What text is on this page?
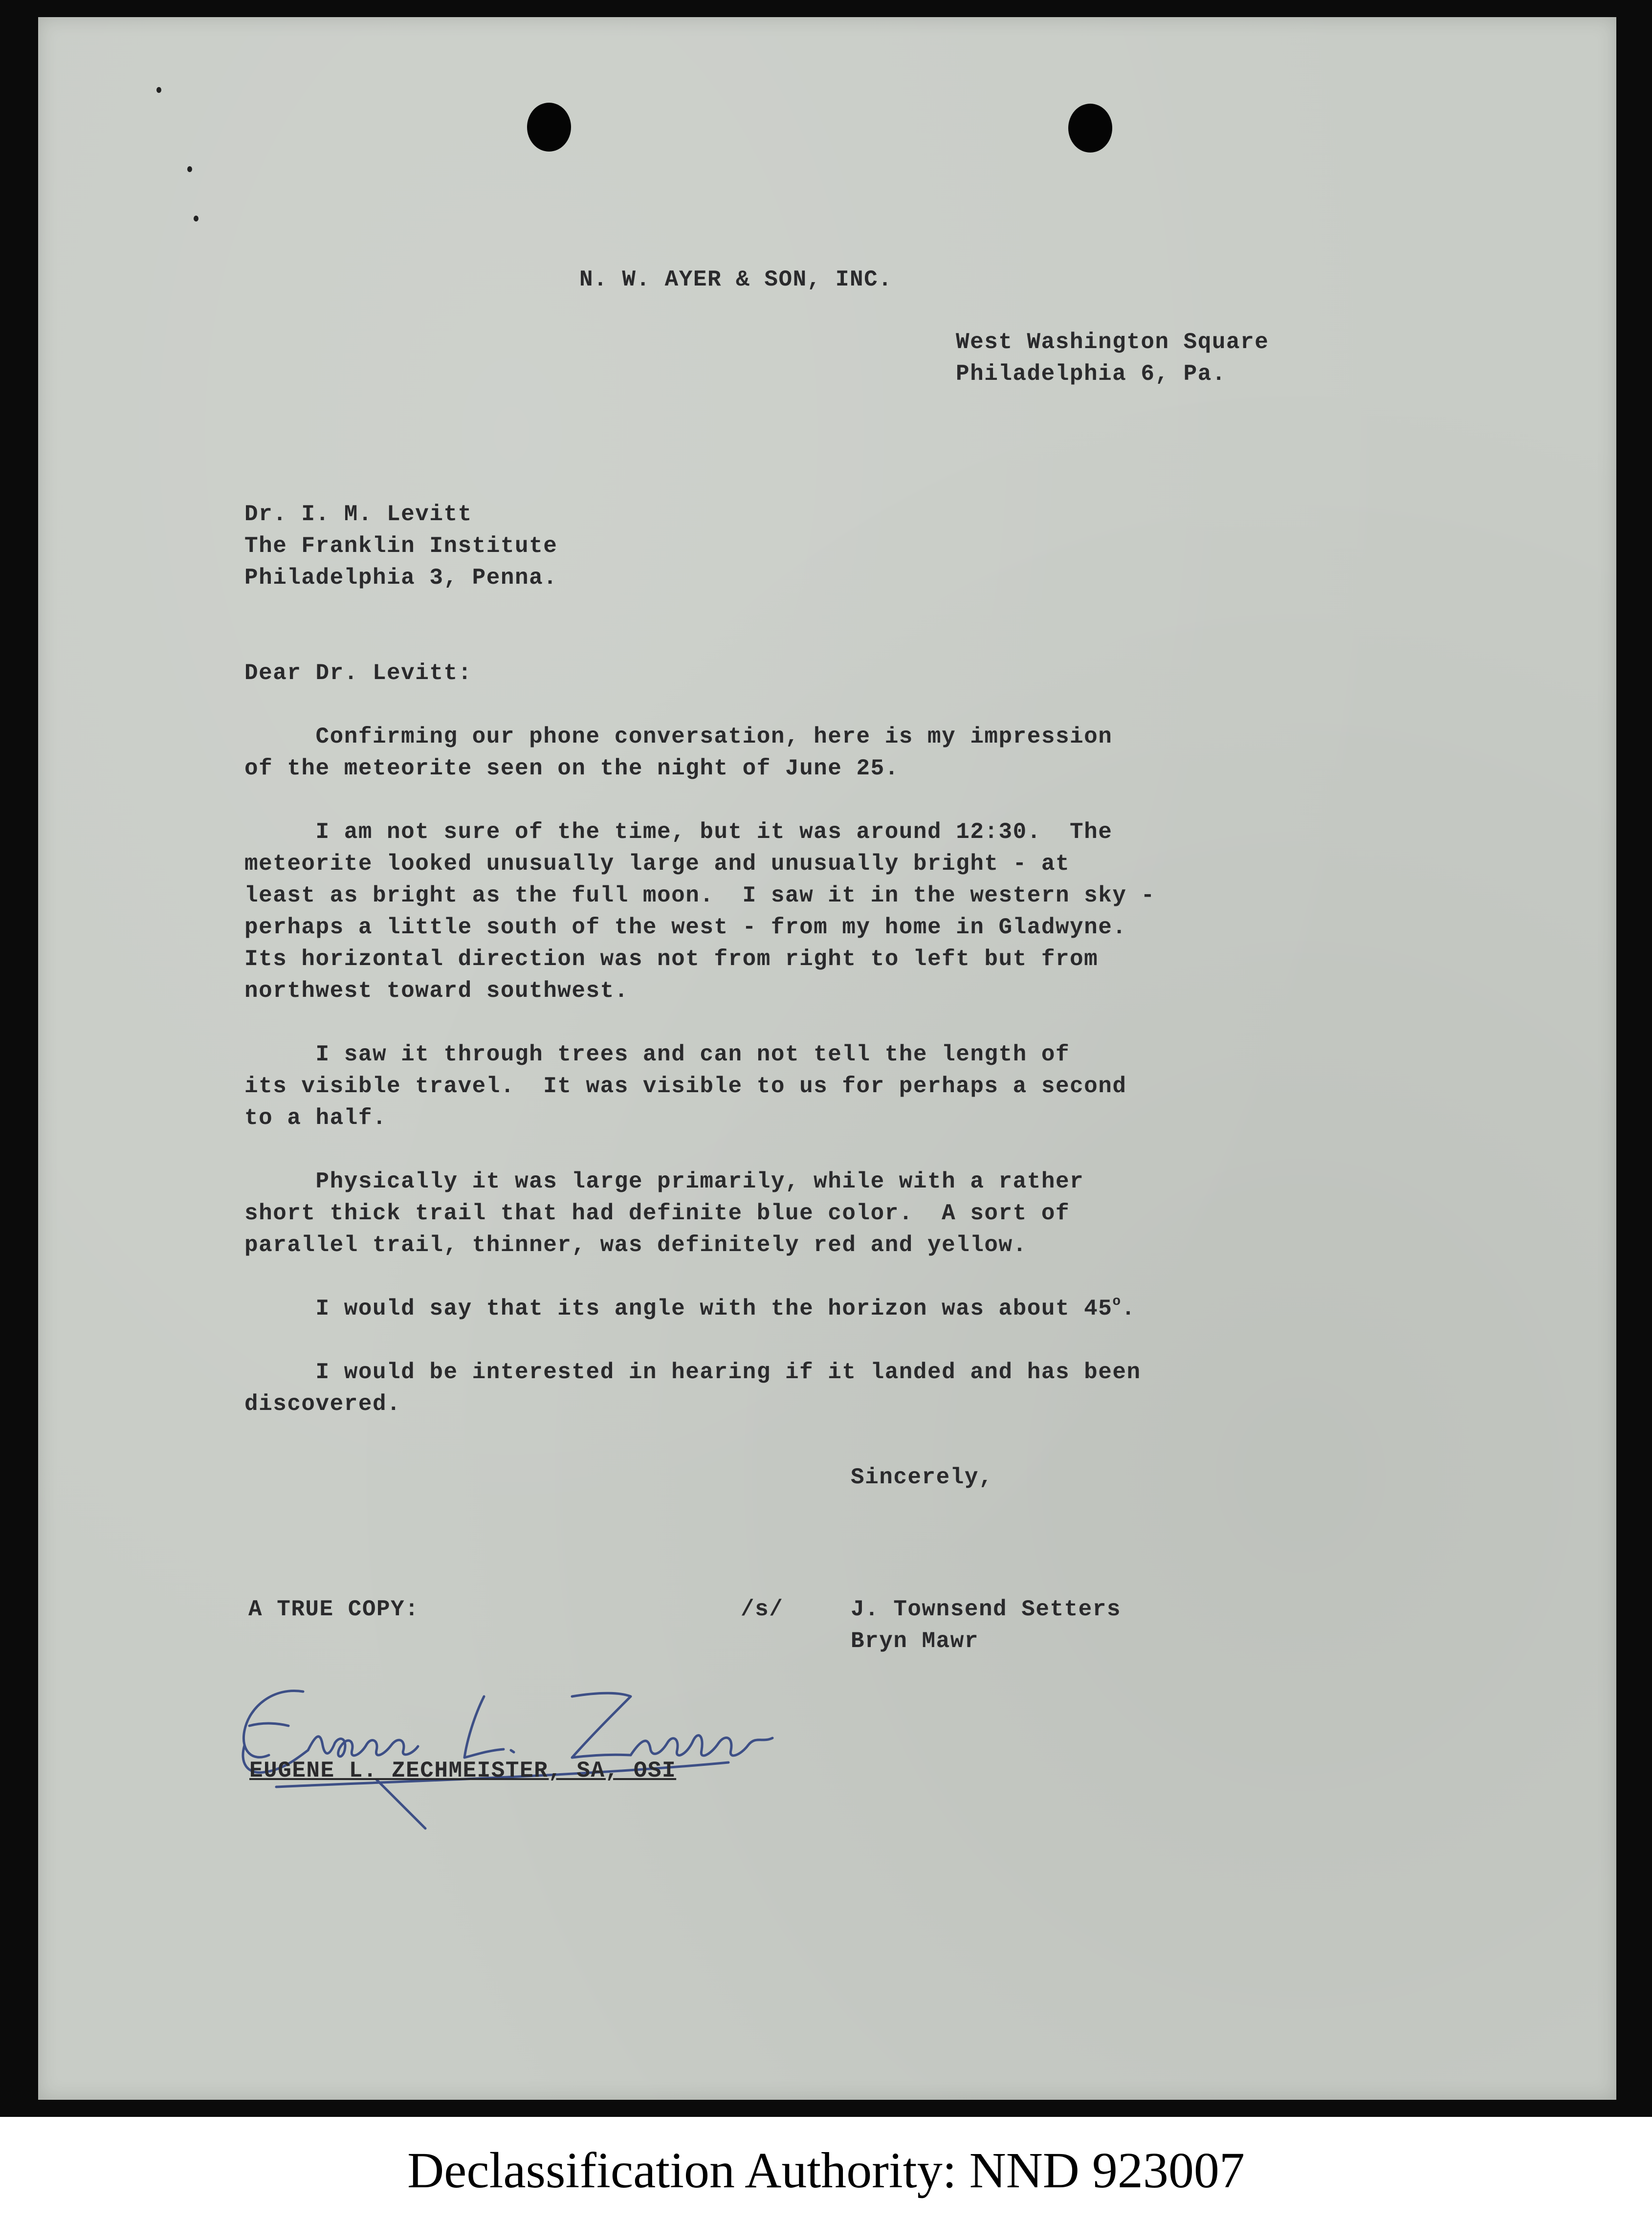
N. W. AYER & SON, INC.

West Washington Square

Philadelphia 6, Pa.

Dr. I. M. Levitt

The Franklin Institute

Philadelphia 3, Penna.

Dear Dr. Levitt:

Confirming our phone conversation, here is my impression

of the meteorite seen on the night of June 25.

I am not sure of the time, but it was around 12:30.  The

meteorite looked unusually large and unusually bright - at

least as bright as the full moon.  I saw it in the western sky -

perhaps a little south of the west - from my home in Gladwyne.

Its horizontal direction was not from right to left but from

northwest toward southwest.

I saw it through trees and can not tell the length of

its visible travel.  It was visible to us for perhaps a second

to a half.

Physically it was large primarily, while with a rather

short thick trail that had definite blue color.  A sort of

parallel trail, thinner, was definitely red and yellow.

I would say that its angle with the horizon was about 45$^o$.

I would be interested in hearing if it landed and has been

discovered.

Sincerely,

A TRUE COPY:	/s/	J. Townsend Setters

Bryn Mawr

EUGENE L. ZECHMEISTER, SA, OSI

Declassification Authority: NND 923007
